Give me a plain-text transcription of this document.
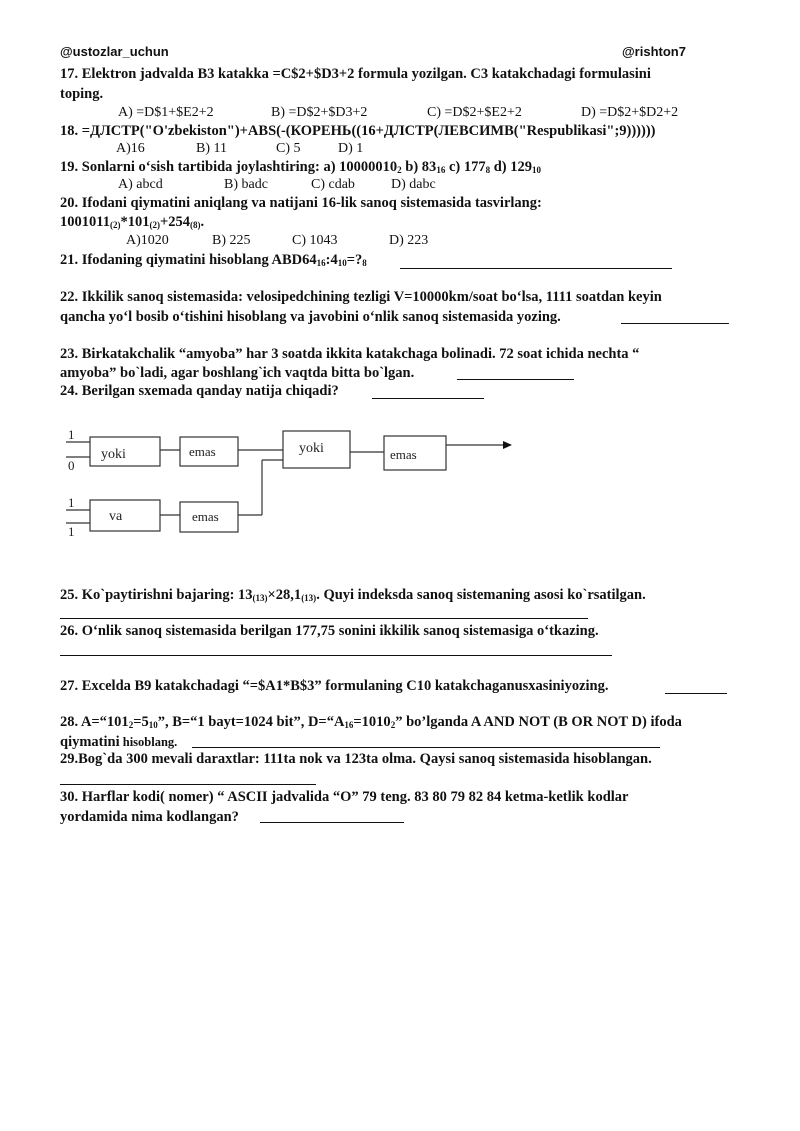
@ustozlar_uchun	@rishton7
17. Elektron jadvalda B3 katakka =C$2+$D3+2 formula yozilgan. C3 katakchadagi formulasini
toping.
A) =D$1+$E2+2	B) =D$2+$D3+2	C) =D$2+$E2+2	D) =D$2+$D2+2
18. =ДЛСТР("O'zbekiston")+ABS(-(КОРЕНЬ((16+ДЛСТР(ЛЕВСИМВ("Respublikasi";9))))))
A)16	B) 11	C) 5	D) 1
19. Sonlarni o‘sish tartibida joylashtiring: a) $10000010_2$ b) $83_{16}$ c) $177_8$ d) $129_{10}$
A) abcd	B) badc	C) cdab	D) dabc
20. Ifodani qiymatini aniqlang va natijani 16-lik sanoq sistemasida tasvirlang:
$1001011_{(2)}*101_{(2)}+254_{(8)}$.
A)1020	B) 225	C) 1043	D) 223
21. Ifodaning qiymatini hisoblang $ABD64_{16}:4_{10}=?_8$
22. Ikkilik sanoq sistemasida: velosipedchining tezligi V=10000km/soat bo‘lsa, 1111 soatdan keyin
qancha yo‘l bosib o‘tishini hisoblang va javobini o‘nlik sanoq sistemasida yozing.
23. Birkatakchalik “amyoba” har 3 soatda ikkita katakchaga bolinadi. 72 soat ichida nechta “
amyoba” bo`ladi, agar boshlang`ich vaqtda bitta bo`lgan.
24. Berilgan sxemada qanday natija chiqadi?
1
0
1
1
yoki	emas	yoki	emas
va	emas
25. Ko`paytirishni bajaring: $13_{(13)}\times 28,1_{(13)}$. Quyi indeksda sanoq sistemaning asosi ko`rsatilgan.
26. O‘nlik sanoq sistemasida berilgan 177,75 sonini ikkilik sanoq sistemasiga o‘tkazing.
27. Excelda B9 katakchadagi “=$A1*B$3” formulaning C10 katakchaganusxasiniyozing.
28. $A=“101_2=5_{10}$”, B=“1 bayt=1024 bit”, $D=“A_{16}=1010_2$” bo’lganda A AND NOT (B OR NOT D) ifoda
qiymatini hisoblang.
29.Bog`da 300 mevali daraxtlar: 111ta nok va 123ta olma. Qaysi sanoq sistemasida hisoblangan.
30. Harflar kodi( nomer) “ ASCII jadvalida “O” 79 teng. 83 80 79 82 84 ketma-ketlik kodlar
yordamida nima kodlangan?
